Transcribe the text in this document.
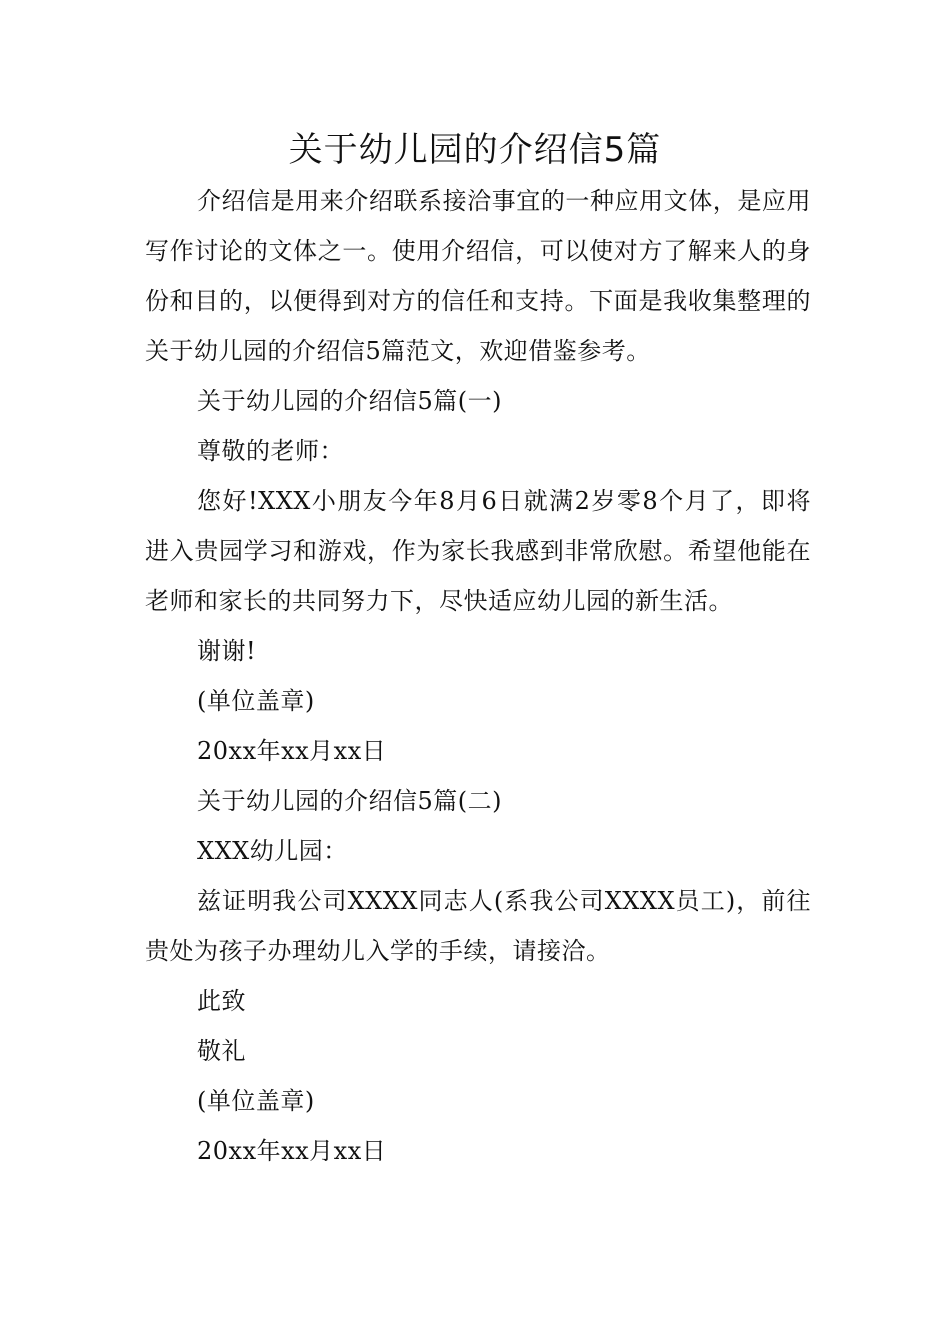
关于幼儿园的介绍信5篇

介绍信是用来介绍联系接洽事宜的一种应用文体，是应用写作讨论的文体之一。使用介绍信，可以使对方了解来人的身份和目的，以便得到对方的信任和支持。下面是我收集整理的关于幼儿园的介绍信5篇范文，欢迎借鉴参考。

关于幼儿园的介绍信5篇(一)

尊敬的老师：

您好!XXX小朋友今年8月6日就满2岁零8个月了，即将进入贵园学习和游戏，作为家长我感到非常欣慰。希望他能在老师和家长的共同努力下，尽快适应幼儿园的新生活。

谢谢!

(单位盖章)

20xx年xx月xx日

关于幼儿园的介绍信5篇(二)

XXX幼儿园：

兹证明我公司XXXX同志人(系我公司XXXX员工)，前往贵处为孩子办理幼儿入学的手续，请接洽。

此致

敬礼

(单位盖章)

20xx年xx月xx日
